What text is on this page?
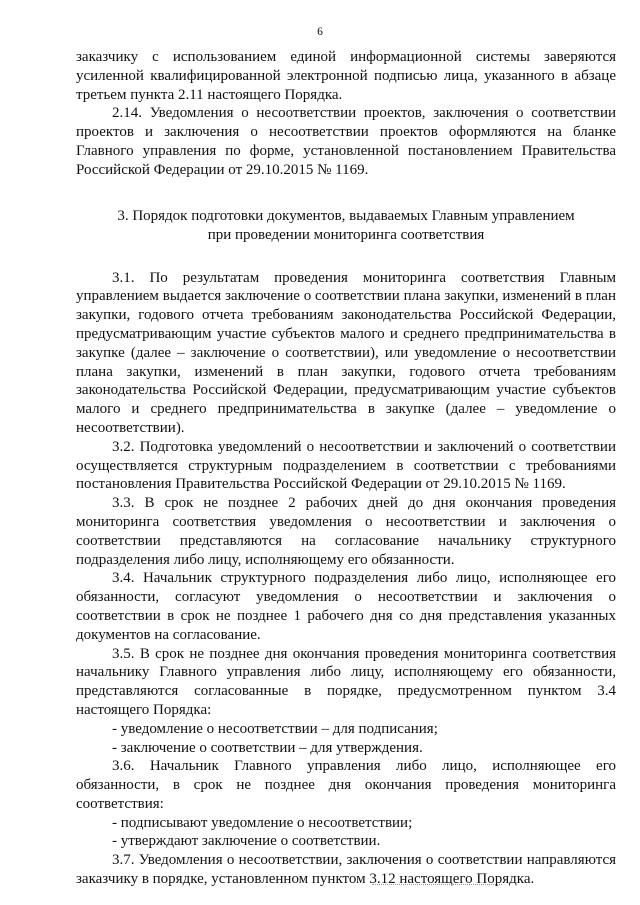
6

заказчику с использованием единой информационной системы заверяются усиленной квалифицированной электронной подписью лица, указанного в абзаце третьем пункта 2.11 настоящего Порядка.

2.14. Уведомления о несоответствии проектов, заключения о соответствии проектов и заключения о несоответствии проектов оформляются на бланке Главного управления по форме, установленной постановлением Правительства Российской Федерации от 29.10.2015 № 1169.

3. Порядок подготовки документов, выдаваемых Главным управлением
при проведении мониторинга соответствия

3.1. По результатам проведения мониторинга соответствия Главным управлением выдается заключение о соответствии плана закупки, изменений в план закупки, годового отчета требованиям законодательства Российской Федерации, предусматривающим участие субъектов малого и среднего предпринимательства в закупке (далее – заключение о соответствии), или уведомление о несоответствии плана закупки, изменений в план закупки, годового отчета требованиям законодательства Российской Федерации, предусматривающим участие субъектов малого и среднего предпринимательства в закупке (далее – уведомление о несоответствии).

3.2. Подготовка уведомлений о несоответствии и заключений о соответствии осуществляется структурным подразделением в соответствии с требованиями постановления Правительства Российской Федерации от 29.10.2015 № 1169.

3.3. В срок не позднее 2 рабочих дней до дня окончания проведения мониторинга соответствия уведомления о несоответствии и заключения о соответствии представляются на согласование начальнику структурного подразделения либо лицу, исполняющему его обязанности.

3.4. Начальник структурного подразделения либо лицо, исполняющее его обязанности, согласуют уведомления о несоответствии и заключения о соответствии в срок не позднее 1 рабочего дня со дня представления указанных документов на согласование.

3.5. В срок не позднее дня окончания проведения мониторинга соответствия начальнику Главного управления либо лицу, исполняющему его обязанности, представляются согласованные в порядке, предусмотренном пунктом 3.4 настоящего Порядка:

- уведомление о несоответствии – для подписания;

- заключение о соответствии – для утверждения.

3.6. Начальник Главного управления либо лицо, исполняющее его обязанности, в срок не позднее дня окончания проведения мониторинга соответствия:

- подписывают уведомление о несоответствии;

- утверждают заключение о соответствии.

3.7. Уведомления о несоответствии, заключения о соответствии направляются заказчику в порядке, установленном пунктом 3.12 настоящего Порядка.
